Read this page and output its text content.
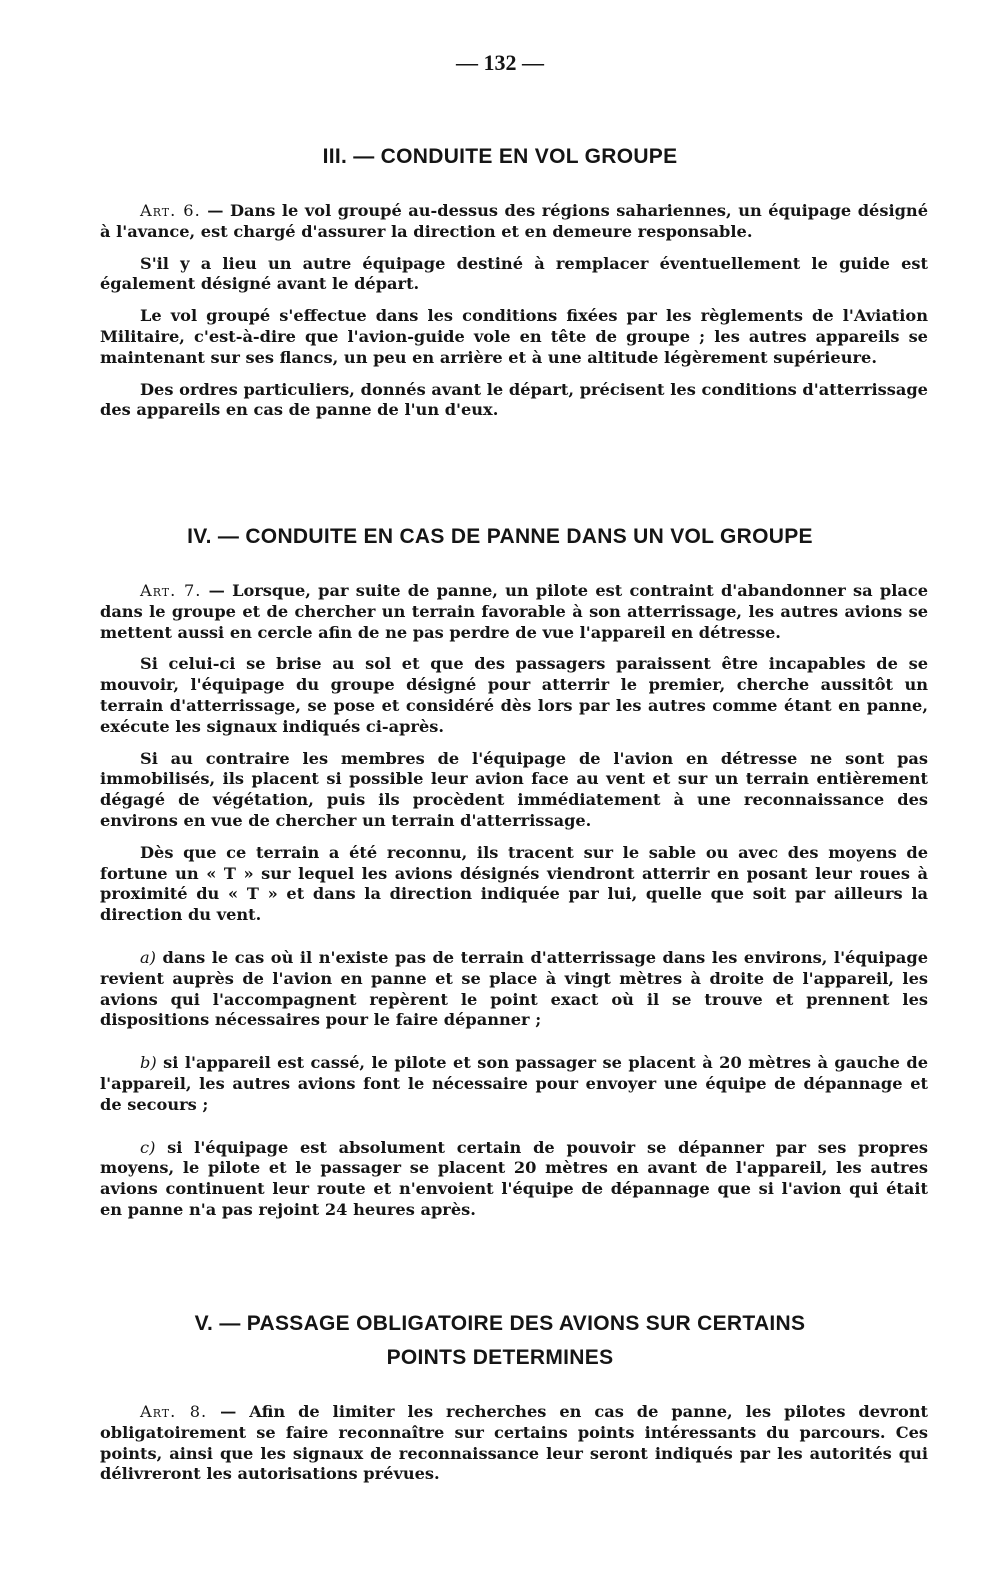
— 132 —
III. — CONDUITE EN VOL GROUPE

Art. 6. — Dans le vol groupé au-dessus des régions sahariennes, un équipage désigné à l'avance, est chargé d'assurer la direction et en demeure responsable.

S'il y a lieu un autre équipage destiné à remplacer éventuellement le guide est également désigné avant le départ.

Le vol groupé s'effectue dans les conditions fixées par les règlements de l'Aviation Militaire, c'est-à-dire que l'avion-guide vole en tête de groupe ; les autres appareils se maintenant sur ses flancs, un peu en arrière et à une altitude légèrement supérieure.

Des ordres particuliers, donnés avant le départ, précisent les conditions d'atterrissage des appareils en cas de panne de l'un d'eux.

IV. — CONDUITE EN CAS DE PANNE DANS UN VOL GROUPE

Art. 7. — Lorsque, par suite de panne, un pilote est contraint d'abandonner sa place dans le groupe et de chercher un terrain favorable à son atterrissage, les autres avions se mettent aussi en cercle afin de ne pas perdre de vue l'appareil en détresse.

Si celui-ci se brise au sol et que des passagers paraissent être incapables de se mouvoir, l'équipage du groupe désigné pour atterrir le premier, cherche aussitôt un terrain d'atterrissage, se pose et considéré dès lors par les autres comme étant en panne, exécute les signaux indiqués ci-après.

Si au contraire les membres de l'équipage de l'avion en détresse ne sont pas immobilisés, ils placent si possible leur avion face au vent et sur un terrain entièrement dégagé de végétation, puis ils procèdent immédiatement à une reconnaissance des environs en vue de chercher un terrain d'atterrissage.

Dès que ce terrain a été reconnu, ils tracent sur le sable ou avec des moyens de fortune un « T » sur lequel les avions désignés viendront atterrir en posant leur roues à proximité du « T » et dans la direction indiquée par lui, quelle que soit par ailleurs la direction du vent.

a) dans le cas où il n'existe pas de terrain d'atterrissage dans les environs, l'équipage revient auprès de l'avion en panne et se place à vingt mètres à droite de l'appareil, les avions qui l'accompagnent repèrent le point exact où il se trouve et prennent les dispositions nécessaires pour le faire dépanner ;

b) si l'appareil est cassé, le pilote et son passager se placent à 20 mètres à gauche de l'appareil, les autres avions font le nécessaire pour envoyer une équipe de dépannage et de secours ;

c) si l'équipage est absolument certain de pouvoir se dépanner par ses propres moyens, le pilote et le passager se placent 20 mètres en avant de l'appareil, les autres avions continuent leur route et n'envoient l'équipe de dépannage que si l'avion qui était en panne n'a pas rejoint 24 heures après.

V. — PASSAGE OBLIGATOIRE DES AVIONS SUR CERTAINS
POINTS DETERMINES

Art. 8. — Afin de limiter les recherches en cas de panne, les pilotes devront obligatoirement se faire reconnaître sur certains points intéressants du parcours. Ces points, ainsi que les signaux de reconnaissance leur seront indiqués par les autorités qui délivreront les autorisations prévues.
